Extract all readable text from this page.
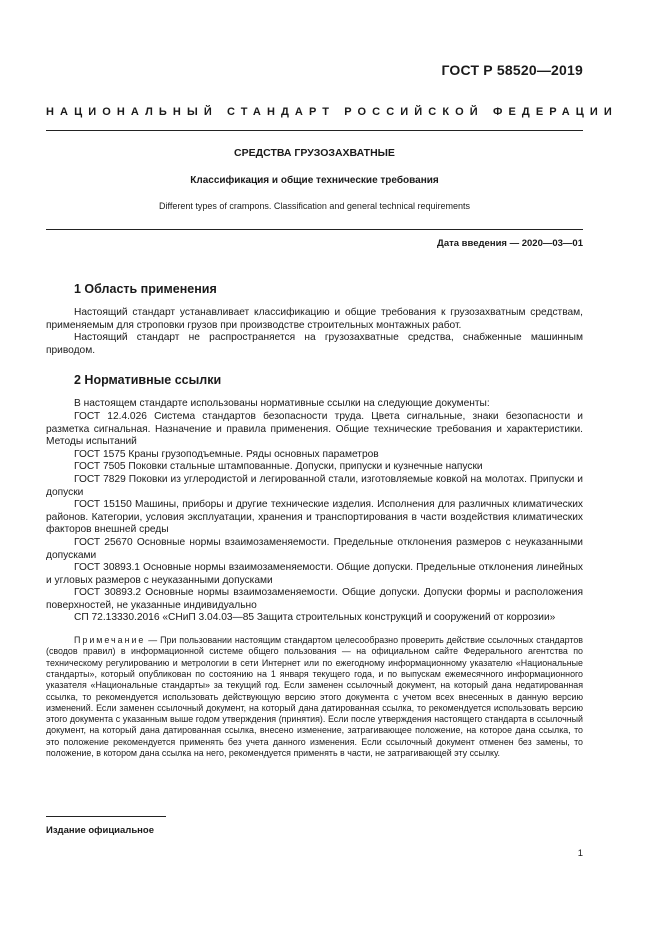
ГОСТ Р 58520—2019
НАЦИОНАЛЬНЫЙ СТАНДАРТ РОССИЙСКОЙ ФЕДЕРАЦИИ
СРЕДСТВА ГРУЗОЗАХВАТНЫЕ
Классификация и общие технические требования
Different types of crampons. Classification and general technical requirements
Дата введения — 2020—03—01
1 Область применения

Настоящий стандарт устанавливает классификацию и общие требования к грузозахватным средствам, применяемым для строповки грузов при производстве строительных монтажных работ.

Настоящий стандарт не распространяется на грузозахватные средства, снабженные машинным приводом.

2 Нормативные ссылки

В настоящем стандарте использованы нормативные ссылки на следующие документы:

ГОСТ 12.4.026 Система стандартов безопасности труда. Цвета сигнальные, знаки безопасности и разметка сигнальная. Назначение и правила применения. Общие технические требования и характеристики. Методы испытаний

ГОСТ 1575 Краны грузоподъемные. Ряды основных параметров

ГОСТ 7505 Поковки стальные штампованные. Допуски, припуски и кузнечные напуски

ГОСТ 7829 Поковки из углеродистой и легированной стали, изготовляемые ковкой на молотах. Припуски и допуски

ГОСТ 15150 Машины, приборы и другие технические изделия. Исполнения для различных климатических районов. Категории, условия эксплуатации, хранения и транспортирования в части воздействия климатических факторов внешней среды

ГОСТ 25670 Основные нормы взаимозаменяемости. Предельные отклонения размеров с неуказанными допусками

ГОСТ 30893.1 Основные нормы взаимозаменяемости. Общие допуски. Предельные отклонения линейных и угловых размеров с неуказанными допусками

ГОСТ 30893.2 Основные нормы взаимозаменяемости. Общие допуски. Допуски формы и расположения поверхностей, не указанные индивидуально

СП 72.13330.2016 «СНиП 3.04.03—85 Защита строительных конструкций и сооружений от коррозии»

Примечание — При пользовании настоящим стандартом целесообразно проверить действие ссылочных стандартов (сводов правил) в информационной системе общего пользования — на официальном сайте Федерального агентства по техническому регулированию и метрологии в сети Интернет или по ежегодному информационному указателю «Национальные стандарты», который опубликован по состоянию на 1 января текущего года, и по выпускам ежемесячного информационного указателя «Национальные стандарты» за текущий год. Если заменен ссылочный документ, на который дана недатированная ссылка, то рекомендуется использовать действующую версию этого документа с учетом всех внесенных в данную версию изменений. Если заменен ссылочный документ, на который дана датированная ссылка, то рекомендуется использовать версию этого документа с указанным выше годом утверждения (принятия). Если после утверждения настоящего стандарта в ссылочный документ, на который дана датированная ссылка, внесено изменение, затрагивающее положение, на которое дана ссылка, то это положение рекомендуется применять без учета данного изменения. Если ссылочный документ отменен без замены, то положение, в котором дана ссылка на него, рекомендуется применять в части, не затрагивающей эту ссылку.

Издание официальное
1
